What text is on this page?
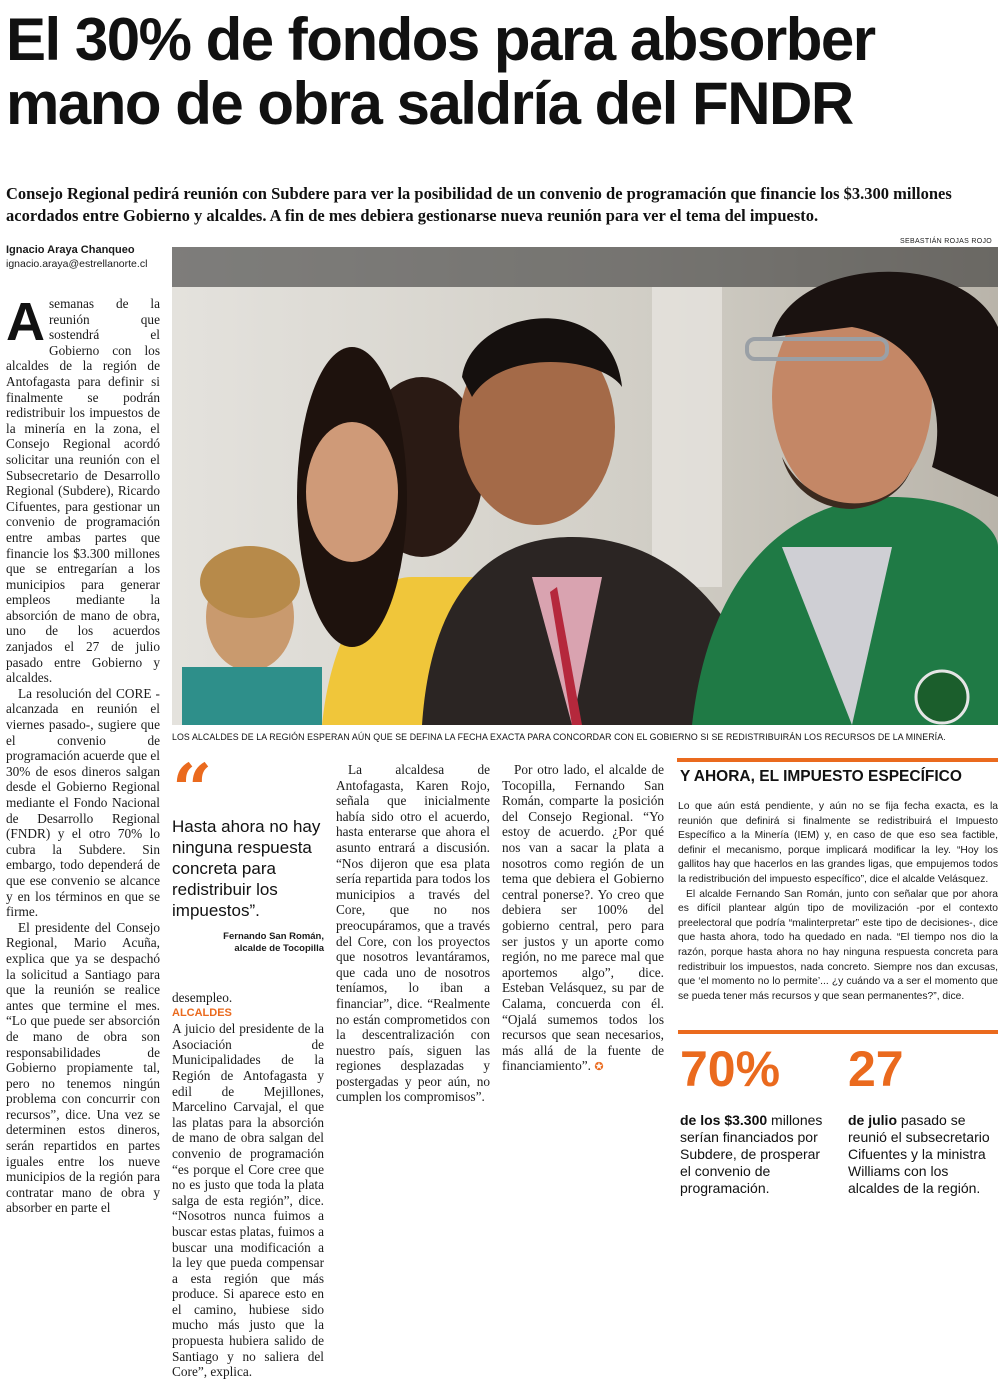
El 30% de fondos para absorber mano de obra saldría del FNDR

Consejo Regional pedirá reunión con Subdere para ver la posibilidad de un convenio de programación que financie los $3.300 millones acordados entre Gobierno y alcaldes. A fin de mes debiera gestionarse nueva reunión para ver el tema del impuesto.

Ignacio Araya Chanqueo
ignacio.araya@estrellanorte.cl
SEBASTIÁN ROJAS ROJO
LOS ALCALDES DE LA REGIÓN ESPERAN AÚN QUE SE DEFINA LA FECHA EXACTA PARA CONCORDAR CON EL GOBIERNO SI SE REDISTRIBUIRÁN LOS RECURSOS DE LA MINERÍA.

Asemanas de la reunión que sostendrá el Gobierno con los alcaldes de la región de Antofagasta para definir si finalmente se podrán redistribuir los impuestos de la minería en la zona, el Consejo Regional acordó solicitar una reunión con el Subsecretario de Desarrollo Regional (Subdere), Ricardo Cifuentes, para gestionar un convenio de programación entre ambas partes que financie los $3.300 millones que se entregarían a los municipios para generar empleos mediante la absorción de mano de obra, uno de los acuerdos zanjados el 27 de julio pasado entre Gobierno y alcaldes.

La resolución del CORE -alcanzada en reunión el viernes pasado-, sugiere que el convenio de programación acuerde que el 30% de esos dineros salgan desde el Gobierno Regional mediante el Fondo Nacional de Desarrollo Regional (FNDR) y el otro 70% lo cubra la Subdere. Sin embargo, todo dependerá de que ese convenio se alcance y en los términos en que se firme.

El presidente del Consejo Regional, Mario Acuña, explica que ya se despachó la solicitud a Santiago para que la reunión se realice antes que termine el mes. “Lo que puede ser absorción de mano de obra son responsabilidades de Gobierno propiamente tal, pero no tenemos ningún problema con concurrir con recursos”, dice. Una vez se determinen estos dineros, serán repartidos en partes iguales entre los nueve municipios de la región para contratar mano de obra y absorber en parte el

“
Hasta ahora no hay ninguna respuesta concreta para redistribuir los impuestos”.
Fernando San Román,
alcalde de Tocopilla

desempleo.

ALCALDES

A juicio del presidente de la Asociación de Municipalidades de la Región de Antofagasta y edil de Mejillones, Marcelino Carvajal, el que las platas para la absorción de mano de obra salgan del convenio de programación “es porque el Core cree que no es justo que toda la plata salga de esta región”, dice. “Nosotros nunca fuimos a buscar estas platas, fuimos a buscar una modificación a la ley que pueda compensar a esta región que más produce. Si aparece esto en el camino, hubiese sido mucho más justo que la propuesta hubiera salido de Santiago y no saliera del Core”, explica.

La alcaldesa de Antofagasta, Karen Rojo, señala que inicialmente había sido otro el acuerdo, hasta enterarse que ahora el asunto entrará a discusión. “Nos dijeron que esa plata sería repartida para todos los municipios a través del Core, que no nos preocupáramos, que a través del Core, con los proyectos que nosotros levantáramos, que cada uno de nosotros teníamos, lo iban a financiar”, dice. “Realmente no están comprometidos con la descentralización con nuestro país, siguen las regiones desplazadas y postergadas y peor aún, no cumplen los compromisos”.

Por otro lado, el alcalde de Tocopilla, Fernando San Román, comparte la posición del Consejo Regional. “Yo estoy de acuerdo. ¿Por qué nos van a sacar la plata a nosotros como región de un tema que debiera el Gobierno central ponerse?. Yo creo que debiera ser 100% del gobierno central, pero para ser justos y un aporte como región, no me parece mal que aportemos algo”, dice. Esteban Velásquez, su par de Calama, concuerda con él. “Ojalá sumemos todos los recursos que sean necesarios, más allá de la fuente de financiamiento”. ✪

Y AHORA, EL IMPUESTO ESPECÍFICO

Lo que aún está pendiente, y aún no se fija fecha exacta, es la reunión que definirá si finalmente se redistribuirá el Impuesto Específico a la Minería (IEM) y, en caso de que eso sea factible, definir el mecanismo, porque implicará modificar la ley. “Hoy los gallitos hay que hacerlos en las grandes ligas, que empujemos todos la redistribución del impuesto específico”, dice el alcalde Velásquez.

El alcalde Fernando San Román, junto con señalar que por ahora es difícil plantear algún tipo de movilización -por el contexto preelectoral que podría “malinterpretar” este tipo de decisiones-, dice que hasta ahora, todo ha quedado en nada. “El tiempo nos dio la razón, porque hasta ahora no hay ninguna respuesta concreta para redistribuir los impuestos, nada concreto. Siempre nos dan excusas, que ‘el momento no lo permite’... ¿y cuándo va a ser el momento que se pueda tener más recursos y que sean permanentes?”, dice.

70%
de los $3.300 millones serían financiados por Subdere, de prosperar el convenio de programación.
27
de julio pasado se reunió el subsecretario Cifuentes y la ministra Williams con los alcaldes de la región.
